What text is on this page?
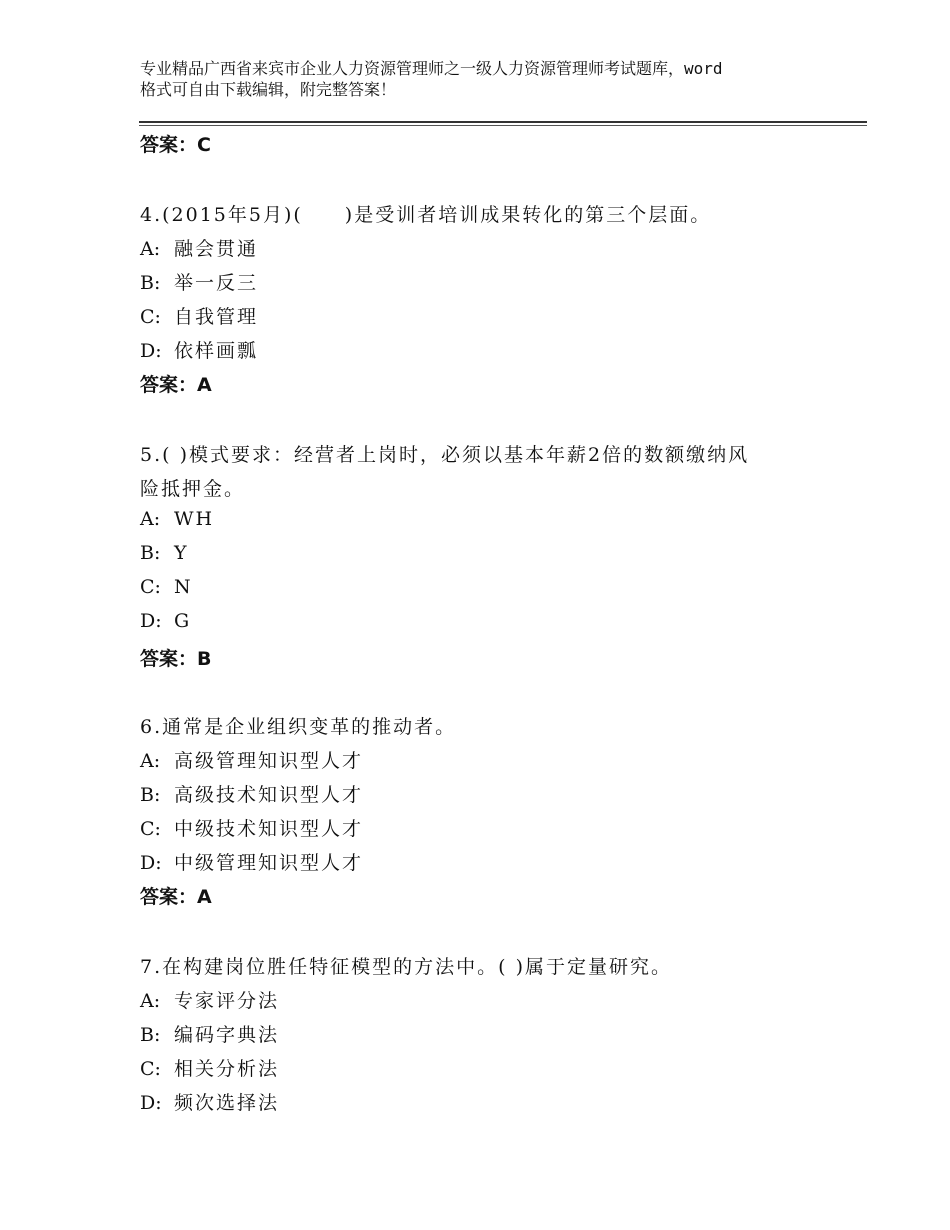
专业精品广西省来宾市企业人力资源管理师之一级人力资源管理师考试题库，word
格式可自由下载编辑，附完整答案！
答案：C
4.(2015年5月)(　　)是受训者培训成果转化的第三个层面。
A: 融会贯通
B: 举一反三
C: 自我管理
D: 依样画瓢
答案：A
5.( )模式要求：经营者上岗时，必须以基本年薪2倍的数额缴纳风
险抵押金。
A: WH
B: Y
C: N
D: G
答案：B
6.通常是企业组织变革的推动者。
A: 高级管理知识型人才
B: 高级技术知识型人才
C: 中级技术知识型人才
D: 中级管理知识型人才
答案：A
7.在构建岗位胜任特征模型的方法中。( )属于定量研究。
A: 专家评分法
B: 编码字典法
C: 相关分析法
D: 频次选择法
